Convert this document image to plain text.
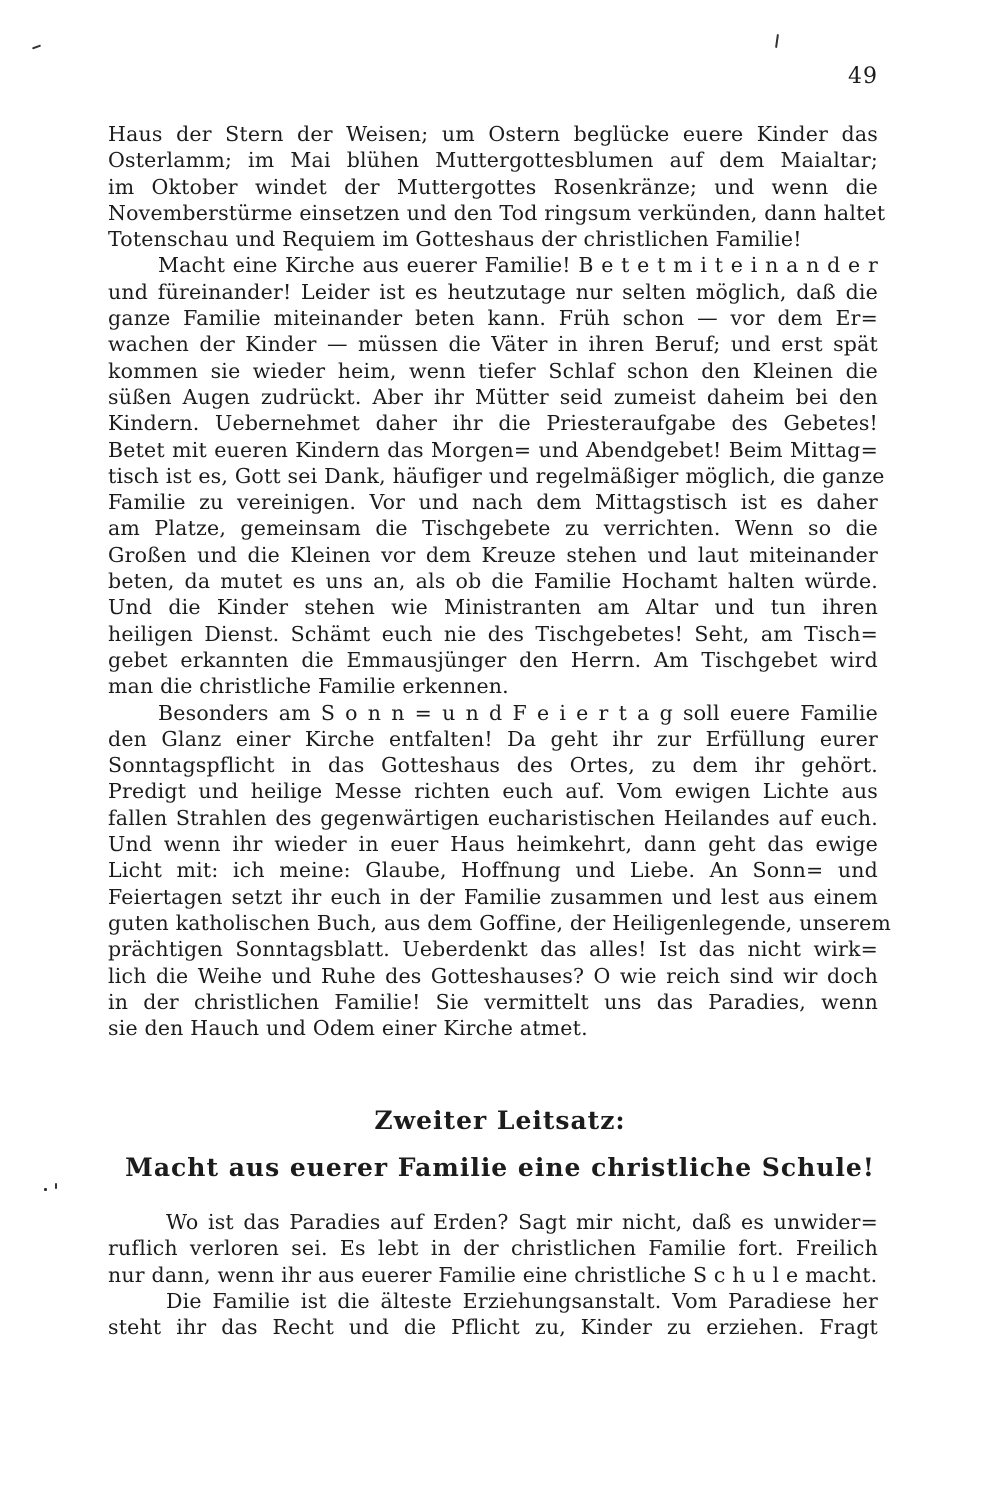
49
Haus der Stern der Weisen; um Ostern beglücke euere Kinder das
Osterlamm; im Mai blühen Muttergottesblumen auf dem Maialtar;
im Oktober windet der Muttergottes Rosenkränze; und wenn die
Novemberstürme einsetzen und den Tod ringsum verkünden, dann haltet
Totenschau und Requiem im Gotteshaus der christlichen Familie!
Macht eine Kirche aus euerer Familie! B e t e t m i t e i n a n d e r
und füreinander! Leider ist es heutzutage nur selten möglich, daß die
ganze Familie miteinander beten kann. Früh schon — vor dem Er=
wachen der Kinder — müssen die Väter in ihren Beruf; und erst spät
kommen sie wieder heim, wenn tiefer Schlaf schon den Kleinen die
süßen Augen zudrückt. Aber ihr Mütter seid zumeist daheim bei den
Kindern. Uebernehmet daher ihr die Priesteraufgabe des Gebetes!
Betet mit eueren Kindern das Morgen= und Abendgebet! Beim Mittag=
tisch ist es, Gott sei Dank, häufiger und regelmäßiger möglich, die ganze
Familie zu vereinigen. Vor und nach dem Mittagstisch ist es daher
am Platze, gemeinsam die Tischgebete zu verrichten. Wenn so die
Großen und die Kleinen vor dem Kreuze stehen und laut miteinander
beten, da mutet es uns an, als ob die Familie Hochamt halten würde.
Und die Kinder stehen wie Ministranten am Altar und tun ihren
heiligen Dienst. Schämt euch nie des Tischgebetes! Seht, am Tisch=
gebet erkannten die Emmausjünger den Herrn. Am Tischgebet wird
man die christliche Familie erkennen.
Besonders am S o n n = u n d F e i e r t a g soll euere Familie
den Glanz einer Kirche entfalten! Da geht ihr zur Erfüllung eurer
Sonntagspflicht in das Gotteshaus des Ortes, zu dem ihr gehört.
Predigt und heilige Messe richten euch auf. Vom ewigen Lichte aus
fallen Strahlen des gegenwärtigen eucharistischen Heilandes auf euch.
Und wenn ihr wieder in euer Haus heimkehrt, dann geht das ewige
Licht mit: ich meine: Glaube, Hoffnung und Liebe. An Sonn= und
Feiertagen setzt ihr euch in der Familie zusammen und lest aus einem
guten katholischen Buch, aus dem Goffine, der Heiligenlegende, unserem
prächtigen Sonntagsblatt. Ueberdenkt das alles! Ist das nicht wirk=
lich die Weihe und Ruhe des Gotteshauses? O wie reich sind wir doch
in der christlichen Familie! Sie vermittelt uns das Paradies, wenn
sie den Hauch und Odem einer Kirche atmet.
Zweiter Leitsatz:
Macht aus euerer Familie eine christliche Schule!
Wo ist das Paradies auf Erden? Sagt mir nicht, daß es unwider=
ruflich verloren sei. Es lebt in der christlichen Familie fort. Freilich
nur dann, wenn ihr aus euerer Familie eine christliche S c h u l e macht.
Die Familie ist die älteste Erziehungsanstalt. Vom Paradiese her
steht ihr das Recht und die Pflicht zu, Kinder zu erziehen. Fragt
